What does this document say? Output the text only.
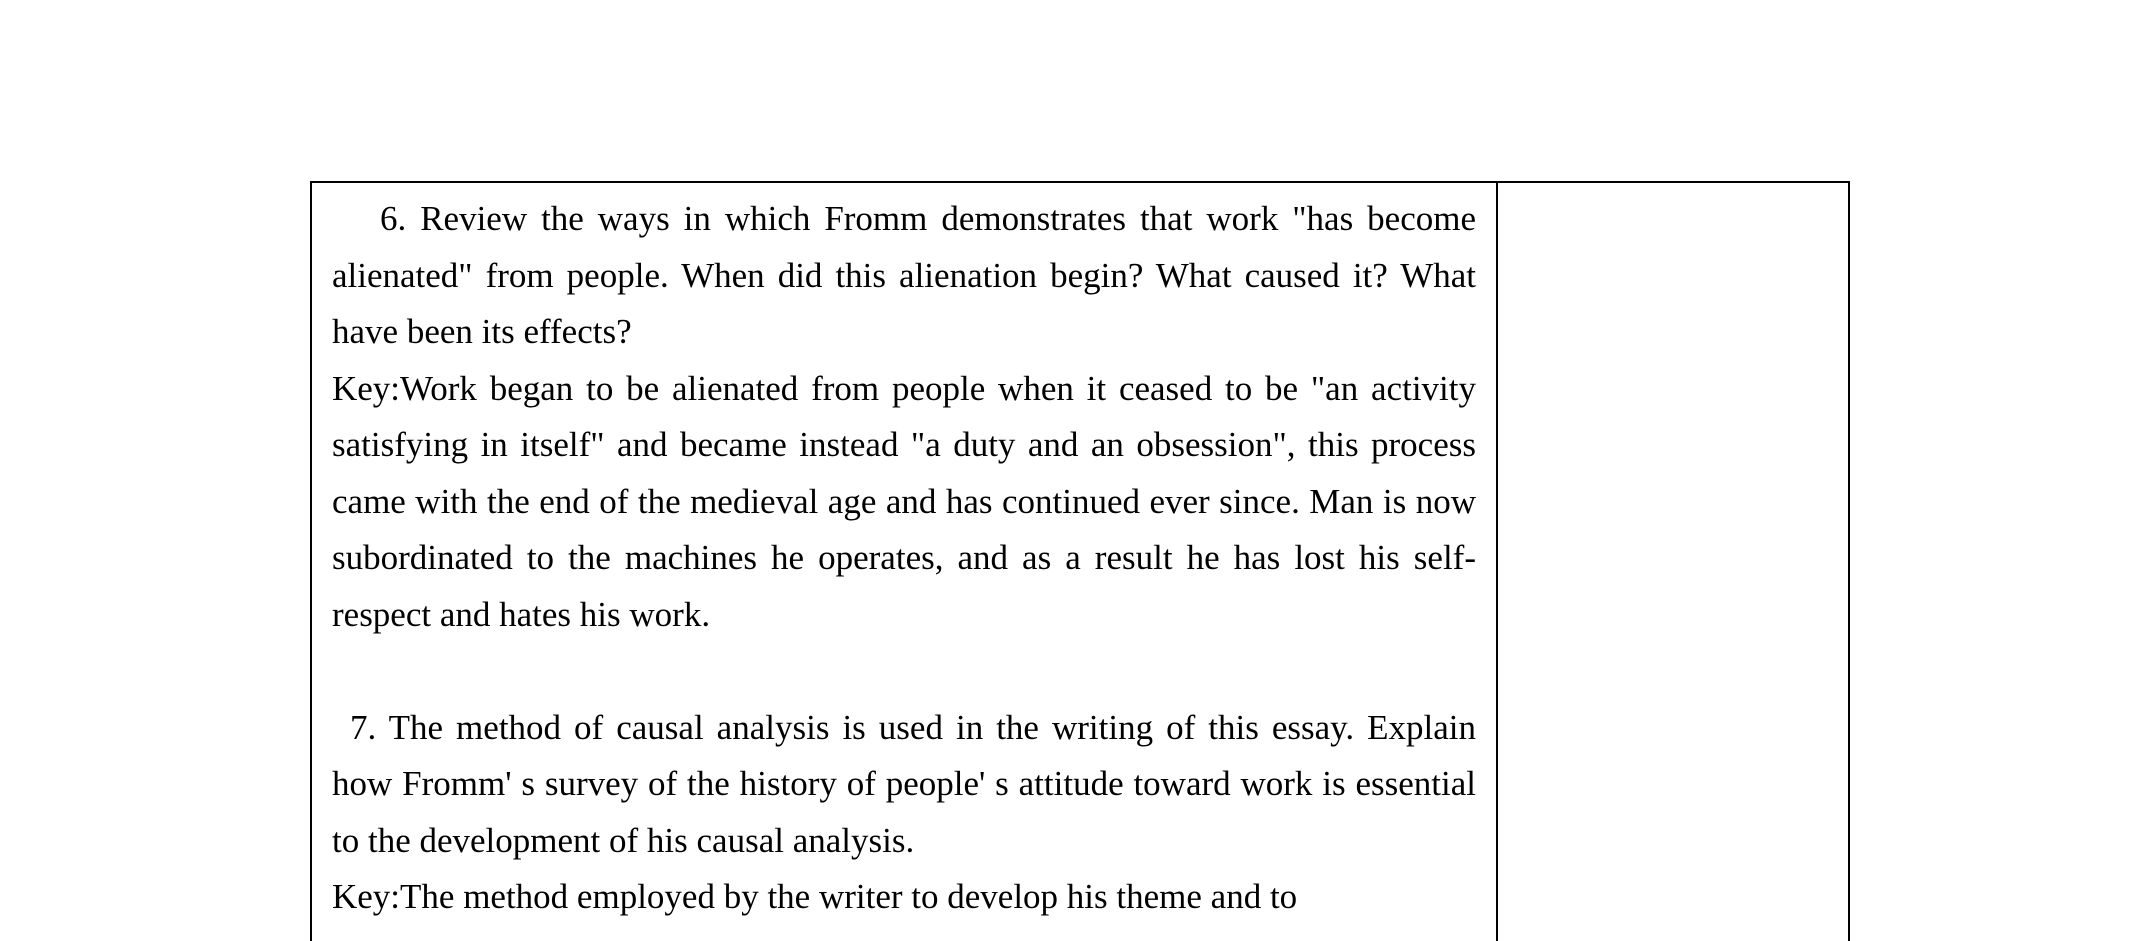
6. Review the ways in which Fromm demonstrates that work "has become alienated" from people. When did this alienation begin? What caused it? What have been its effects?

Key:Work began to be alienated from people when it ceased to be "an activity satisfying in itself" and became instead "a duty and an obsession", this process came with the end of the medieval age and has continued ever since. Man is now subordinated to the machines he operates, and as a result he has lost his self-respect and hates his work.

7. The method of causal analysis is used in the writing of this essay. Explain how Fromm' s survey of the history of people' s attitude toward work is essential to the development of his causal analysis.

Key:The method employed by the writer to develop his theme and to
